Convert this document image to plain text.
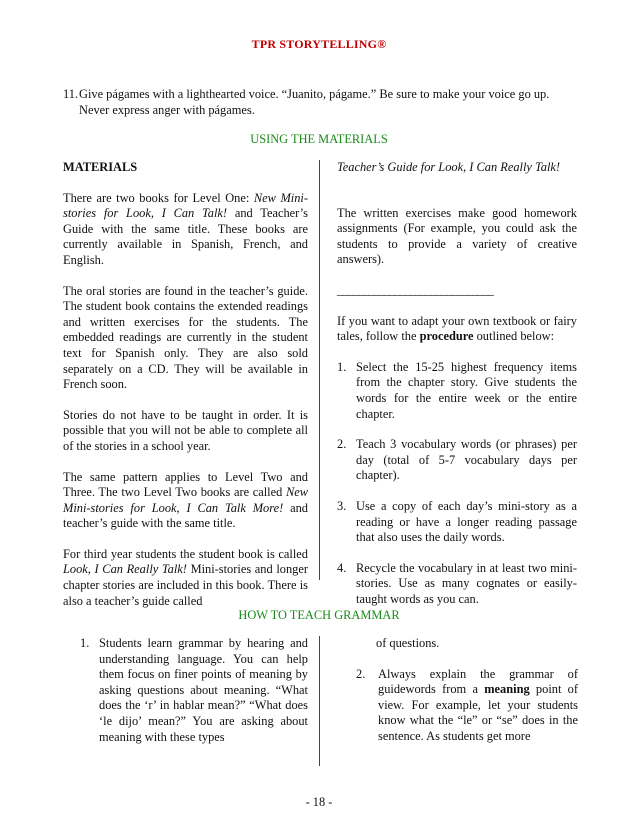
TPR STORYTELLING®
11.Give págames with a lighthearted voice. “Juanito, págame.” Be sure to make your voice go up.
Never express anger with págames.
USING THE MATERIALS

MATERIALS

There are two books for Level One: New Mini-stories for Look, I Can Talk! and Teacher’s Guide with the same title. These books are currently available in Spanish, French, and English.

The oral stories are found in the teacher’s guide. The student book contains the extended readings and written exercises for the students. The embedded readings are currently in the student text for Spanish only. They are also sold separately on a CD. They will be available in French soon.

Stories do not have to be taught in order. It is possible that you will not be able to complete all of the stories in a school year.

The same pattern applies to Level Two and Three. The two Level Two books are called New Mini-stories for Look, I Can Talk More! and teacher’s guide with the same title.

For third year students the student book is called Look, I Can Really Talk! Mini-stories and longer chapter stories are included in this book. There is also a teacher’s guide called

Teacher’s Guide for Look, I Can Really Talk!

The written exercises make good homework assignments (For example, you could ask the students to provide a variety of creative answers).

______________________________

If you want to adapt your own textbook or fairy tales, follow the procedure outlined below:

1. Select the 15-25 highest frequency items from the chapter story. Give students the words for the entire week or the entire chapter.
2. Teach 3 vocabulary words (or phrases) per day (total of 5-7 vocabulary days per chapter).
3. Use a copy of each day’s mini-story as a reading or have a longer reading passage that also uses the daily words.
4. Recycle the vocabulary in at least two mini-stories. Use as many cognates or easily-taught words as you can.
HOW TO TEACH GRAMMAR
1. Students learn grammar by hearing and understanding language. You can help them focus on finer points of meaning by asking questions about meaning. “What does the ‘r’ in hablar mean?” “What does ‘le dijo’ mean?” You are asking about meaning with these types

of questions.

2. Always explain the grammar of guidewords from a meaning point of view. For example, let your students know what the “le” or “se” does in the sentence. As students get more
- 18 -
